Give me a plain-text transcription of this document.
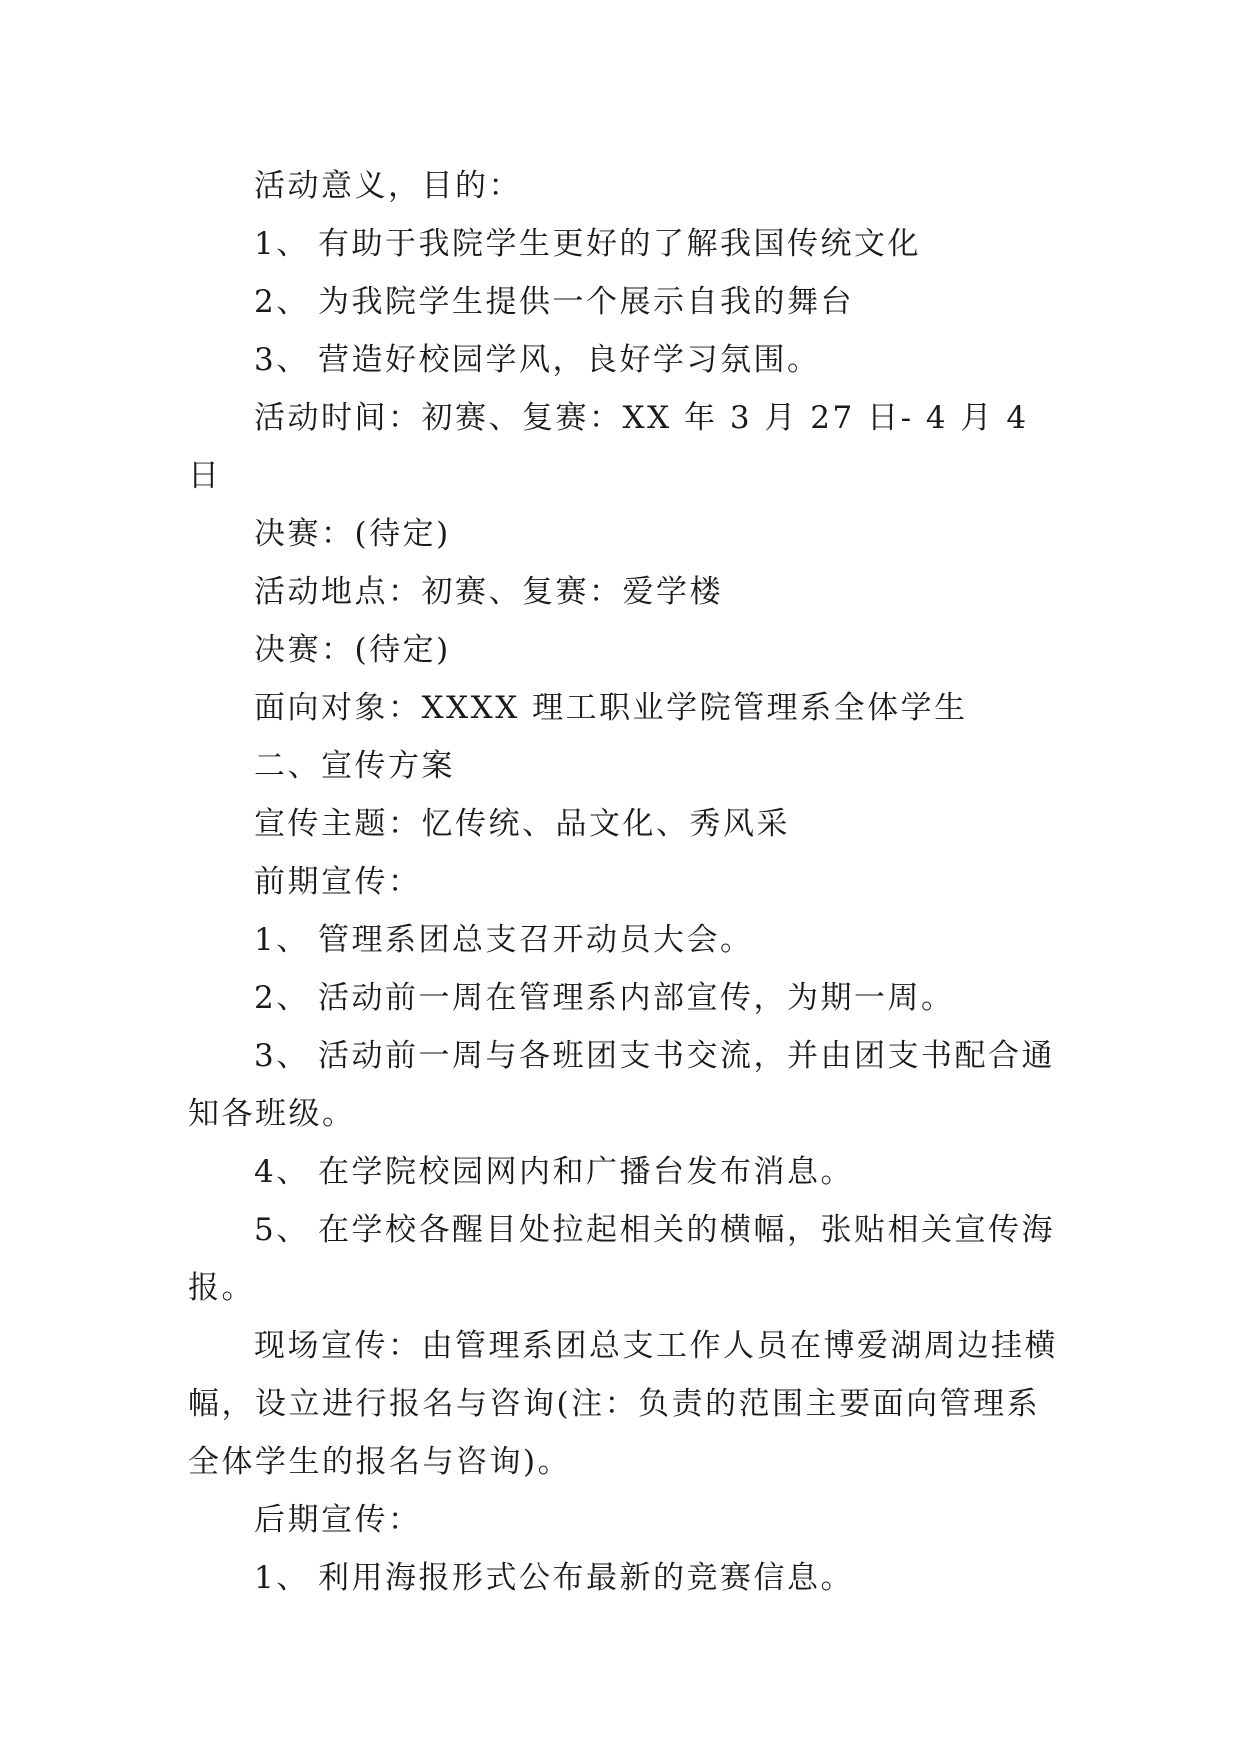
活动意义，目的：

1、 有助于我院学生更好的了解我国传统文化

2、 为我院学生提供一个展示自我的舞台

3、 营造好校园学风，良好学习氛围。

活动时间：初赛、复赛：XX 年 3 月 27 日- 4 月 4 日

决赛：(待定)

活动地点：初赛、复赛：爱学楼

决赛：(待定)

面向对象：XXXX 理工职业学院管理系全体学生

二、宣传方案

宣传主题：忆传统、品文化、秀风采

前期宣传：

1、 管理系团总支召开动员大会。

2、 活动前一周在管理系内部宣传，为期一周。

3、 活动前一周与各班团支书交流，并由团支书配合通知各班级。

4、 在学院校园网内和广播台发布消息。

5、 在学校各醒目处拉起相关的横幅，张贴相关宣传海报。

现场宣传：由管理系团总支工作人员在博爱湖周边挂横幅，设立进行报名与咨询(注：负责的范围主要面向管理系全体学生的报名与咨询)。

后期宣传：

1、 利用海报形式公布最新的竞赛信息。
